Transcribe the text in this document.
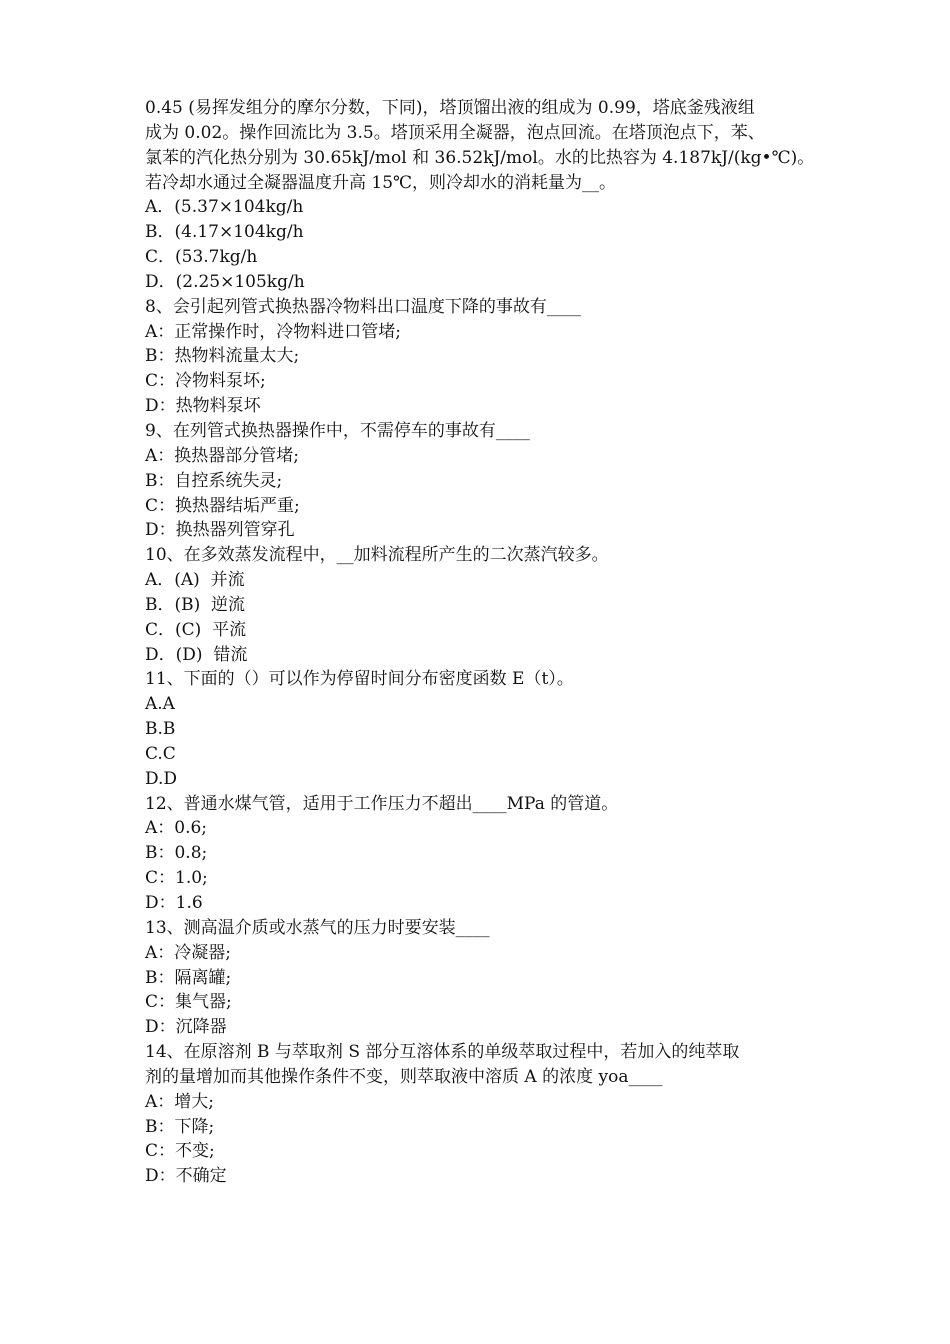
0.45 (易挥发组分的摩尔分数，下同)，塔顶馏出液的组成为 0.99，塔底釜残液组
成为 0.02。操作回流比为 3.5。塔顶采用全凝器，泡点回流。在塔顶泡点下，苯、
氯苯的汽化热分别为 30.65kJ/mol 和 36.52kJ/mol。水的比热容为 4.187kJ/(kg•℃)。
若冷却水通过全凝器温度升高 15℃，则冷却水的消耗量为__。
A．(5.37×104kg/h
B．(4.17×104kg/h
C．(53.7kg/h
D．(2.25×105kg/h
8、会引起列管式换热器冷物料出口温度下降的事故有____
A：正常操作时，冷物料进口管堵;
B：热物料流量太大;
C：冷物料泵坏;
D：热物料泵坏
9、在列管式换热器操作中，不需停车的事故有____
A：换热器部分管堵;
B：自控系统失灵;
C：换热器结垢严重;
D：换热器列管穿孔
10、在多效蒸发流程中，__加料流程所产生的二次蒸汽较多。
A．(A)  并流
B．(B)  逆流
C．(C)  平流
D．(D)  错流
11、下面的（）可以作为停留时间分布密度函数 E（t）。
A.A
B.B
C.C
D.D
12、普通水煤气管，适用于工作压力不超出____MPa 的管道。
A：0.6;
B：0.8;
C：1.0;
D：1.6
13、测高温介质或水蒸气的压力时要安装____
A：冷凝器;
B：隔离罐;
C：集气器;
D：沉降器
14、在原溶剂 B 与萃取剂 S 部分互溶体系的单级萃取过程中，若加入的纯萃取
剂的量增加而其他操作条件不变，则萃取液中溶质 A 的浓度 yoa____
A：增大;
B：下降;
C：不变;
D：不确定
